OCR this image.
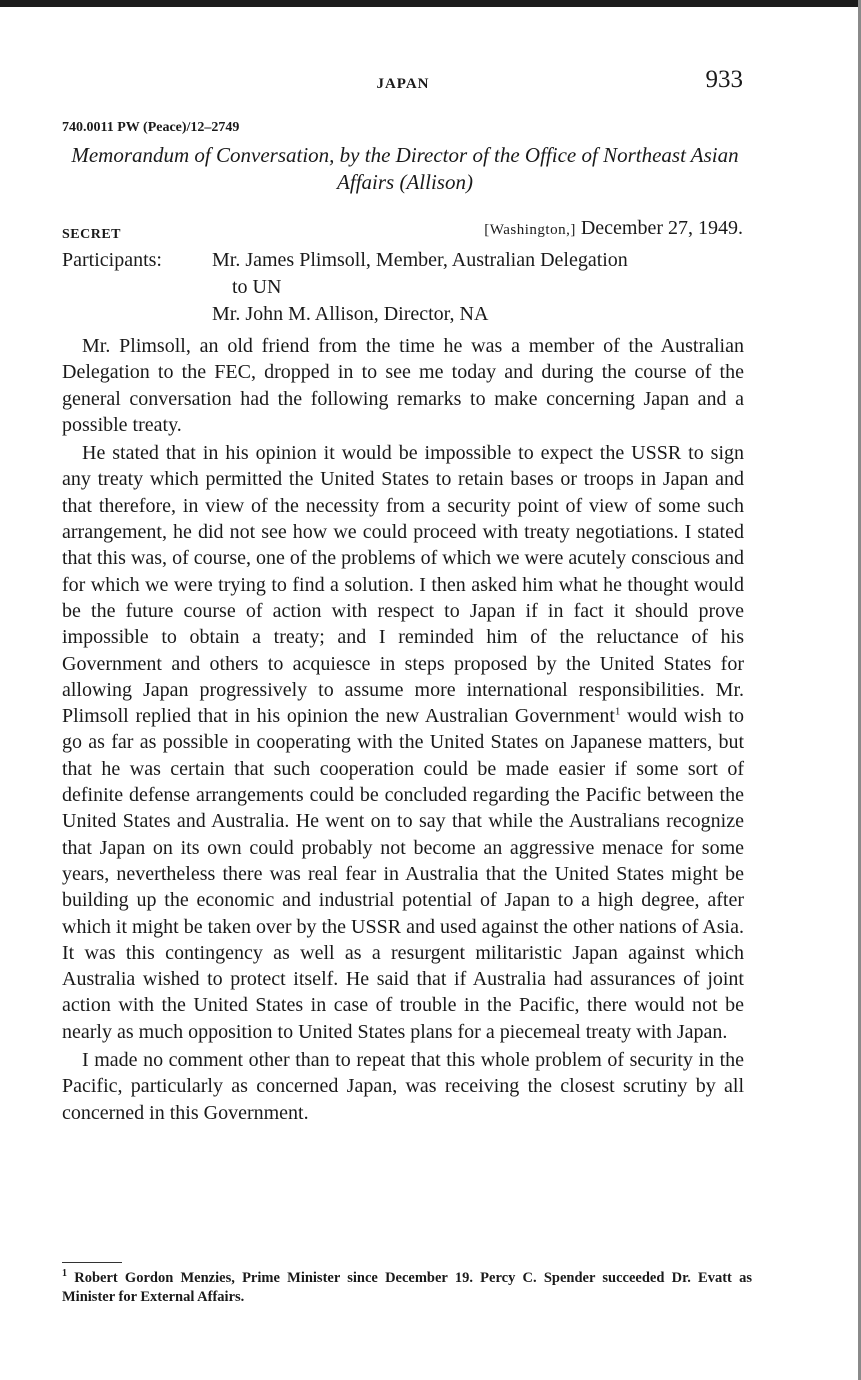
JAPAN	933
740.0011 PW (Peace)/12–2749
Memorandum of Conversation, by the Director of the Office of Northeast Asian Affairs (Allison)
SECRET	[Washington,] December 27, 1949.
Participants:	Mr. James Plimsoll, Member, Australian Delegation
to UN
Mr. John M. Allison, Director, NA

Mr. Plimsoll, an old friend from the time he was a member of the Australian Delegation to the FEC, dropped in to see me today and during the course of the general conversation had the following remarks to make concerning Japan and a possible treaty.

He stated that in his opinion it would be impossible to expect the USSR to sign any treaty which permitted the United States to retain bases or troops in Japan and that therefore, in view of the necessity from a security point of view of some such arrangement, he did not see how we could proceed with treaty negotiations. I stated that this was, of course, one of the problems of which we were acutely conscious and for which we were trying to find a solution. I then asked him what he thought would be the future course of action with respect to Japan if in fact it should prove impossible to obtain a treaty; and I reminded him of the reluctance of his Government and others to acquiesce in steps proposed by the United States for allowing Japan progressively to assume more international responsibilities. Mr. Plimsoll replied that in his opinion the new Australian Government$^1$ would wish to go as far as possible in cooperating with the United States on Japanese matters, but that he was certain that such cooperation could be made easier if some sort of definite defense arrangements could be concluded regarding the Pacific between the United States and Australia. He went on to say that while the Australians recognize that Japan on its own could probably not become an aggressive menace for some years, nevertheless there was real fear in Australia that the United States might be building up the economic and industrial potential of Japan to a high degree, after which it might be taken over by the USSR and used against the other nations of Asia. It was this contingency as well as a resurgent militaristic Japan against which Australia wished to protect itself. He said that if Australia had assurances of joint action with the United States in case of trouble in the Pacific, there would not be nearly as much opposition to United States plans for a piecemeal treaty with Japan.

I made no comment other than to repeat that this whole problem of security in the Pacific, particularly as concerned Japan, was receiving the closest scrutiny by all concerned in this Government.

$^1$ Robert Gordon Menzies, Prime Minister since December 19. Percy C. Spender succeeded Dr. Evatt as Minister for External Affairs.
